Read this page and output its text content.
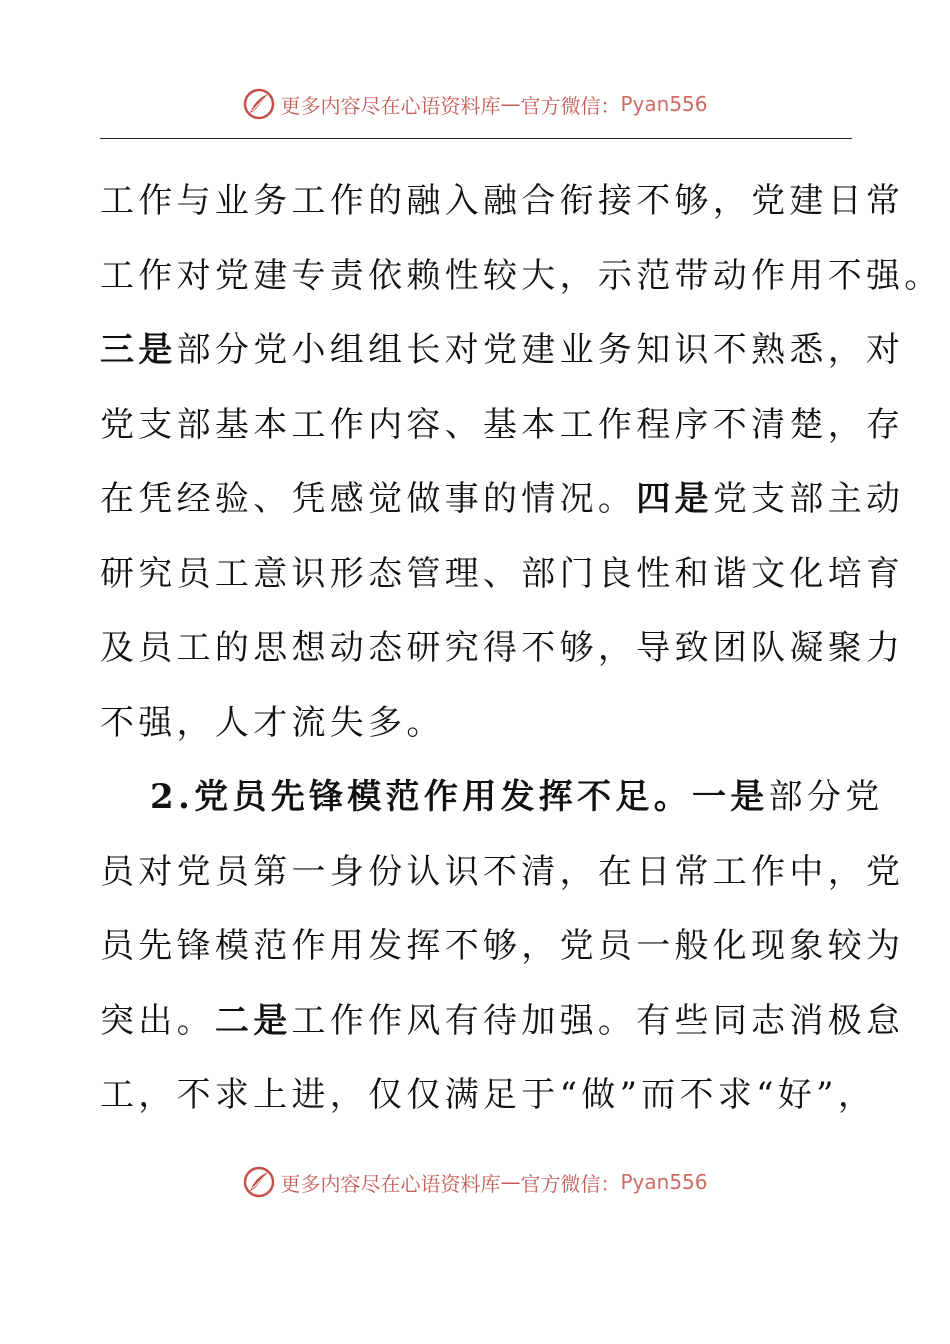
更多内容尽在心语资料库 — 官方微信： Pyan556
工作与业务工作的融入融合衔接不够，党建日常
工作对党建专责依赖性较大，示范带动作用不强。
三是部分党小组组长对党建业务知识不熟悉，对
党支部基本工作内容、基本工作程序不清楚，存
在凭经验、凭感觉做事的情况。四是党支部主动
研究员工意识形态管理、部门良性和谐文化培育
及员工的思想动态研究得不够，导致团队凝聚力
不强，人才流失多。
2.党员先锋模范作用发挥不足。一是部分党
员对党员第一身份认识不清，在日常工作中，党
员先锋模范作用发挥不够，党员一般化现象较为
突出。二是工作作风有待加强。有些同志消极怠
工，不求上进，仅仅满足于“做”而不求“好”，
更多内容尽在心语资料库 — 官方微信： Pyan556
